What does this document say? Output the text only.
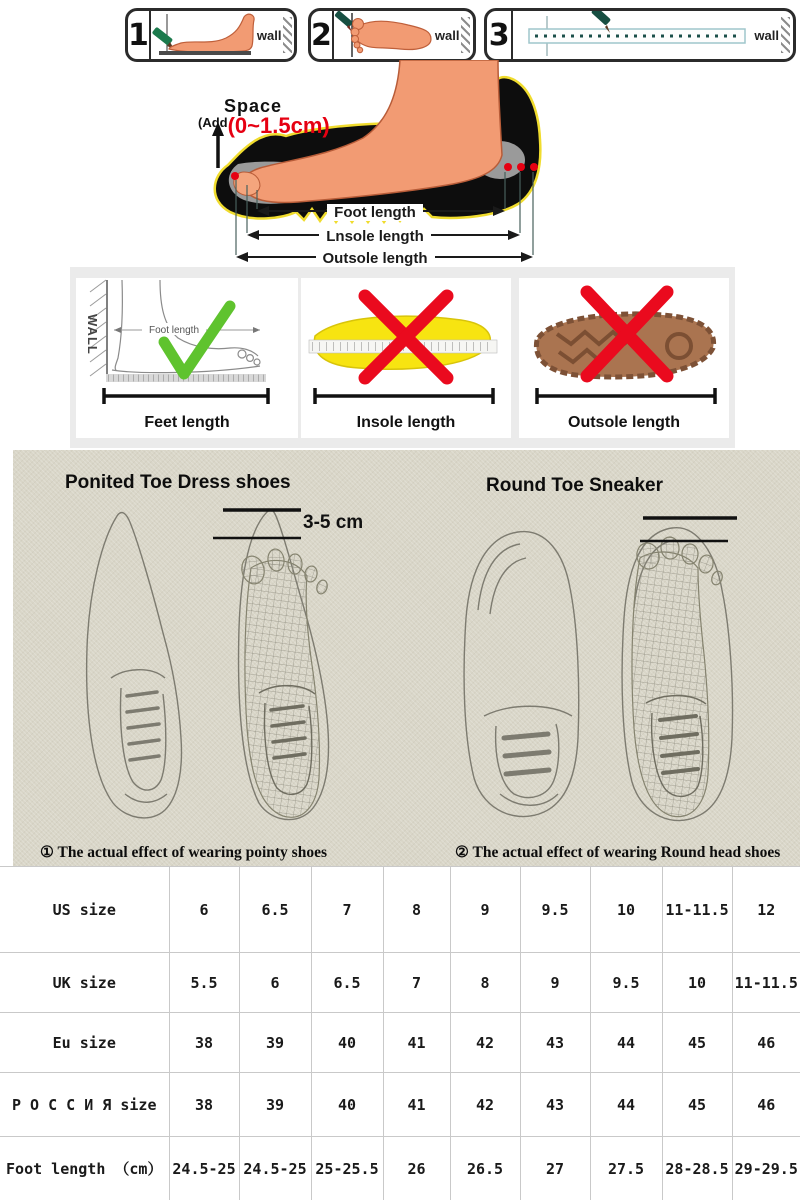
1	wall 2	wall 3	wall
Space
$^{(Add}$(0~1.5cm)
Foot length
Lnsole length
Outsole length
WALL	Foot length
Feet length	Insole length	Outsole length
Ponited Toe Dress shoes	Round Toe Sneaker
3-5 cm
① The actual effect of wearing pointy shoes	② The actual effect of wearing Round head shoes
US size	6	6.5	7	8	9	9.5	10	11-11.5	12
UK size	5.5	6	6.5	7	8	9	9.5	10	11-11.5
Eu size	38	39	40	41	42	43	44	45	46
Р О С С И Я size	38	39	40	41	42	43	44	45	46
Foot length （cm）	24.5-25	24.5-25	25-25.5	26	26.5	27	27.5	28-28.5	29-29.5
